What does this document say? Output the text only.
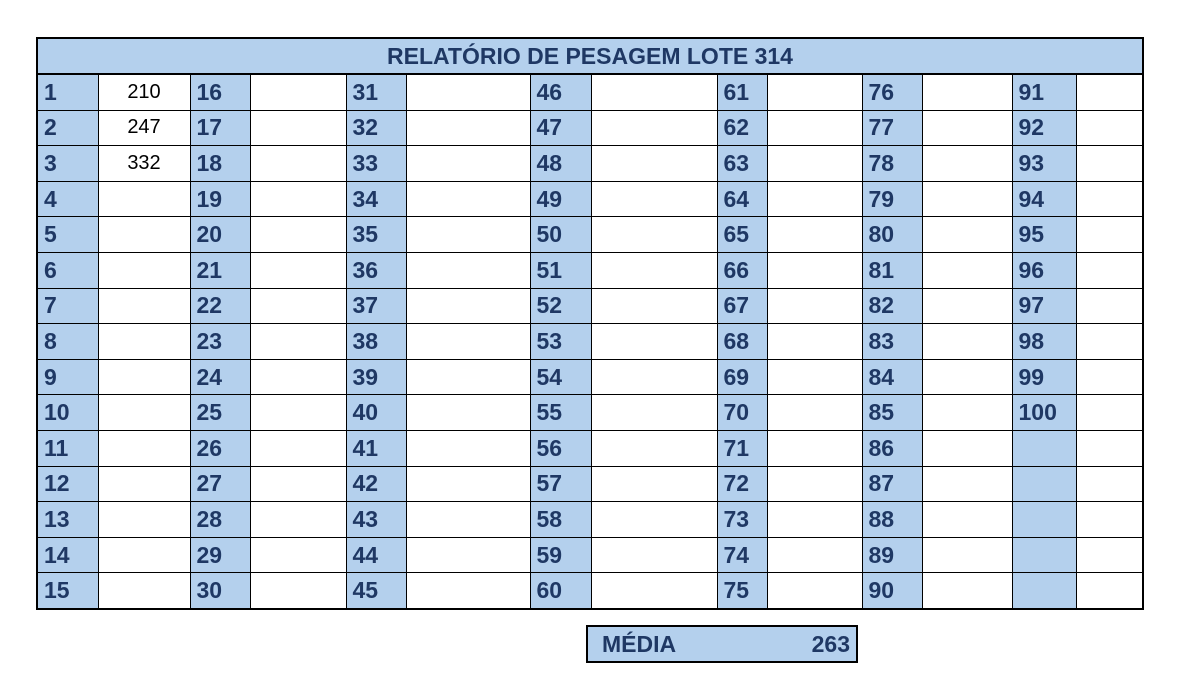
RELATÓRIO DE PESAGEM LOTE 314													
1	210	16		31		46		61		76		91	
2	247	17		32		47		62		77		92	
3	332	18		33		48		63		78		93	
4		19		34		49		64		79		94	
5		20		35		50		65		80		95	
6		21		36		51		66		81		96	
7		22		37		52		67		82		97	
8		23		38		53		68		83		98	
9		24		39		54		69		84		99	
10		25		40		55		70		85		100	
11		26		41		56		71		86			
12		27		42		57		72		87			
13		28		43		58		73		88			
14		29		44		59		74		89			
15		30		45		60		75		90			
MÉDIA	263
